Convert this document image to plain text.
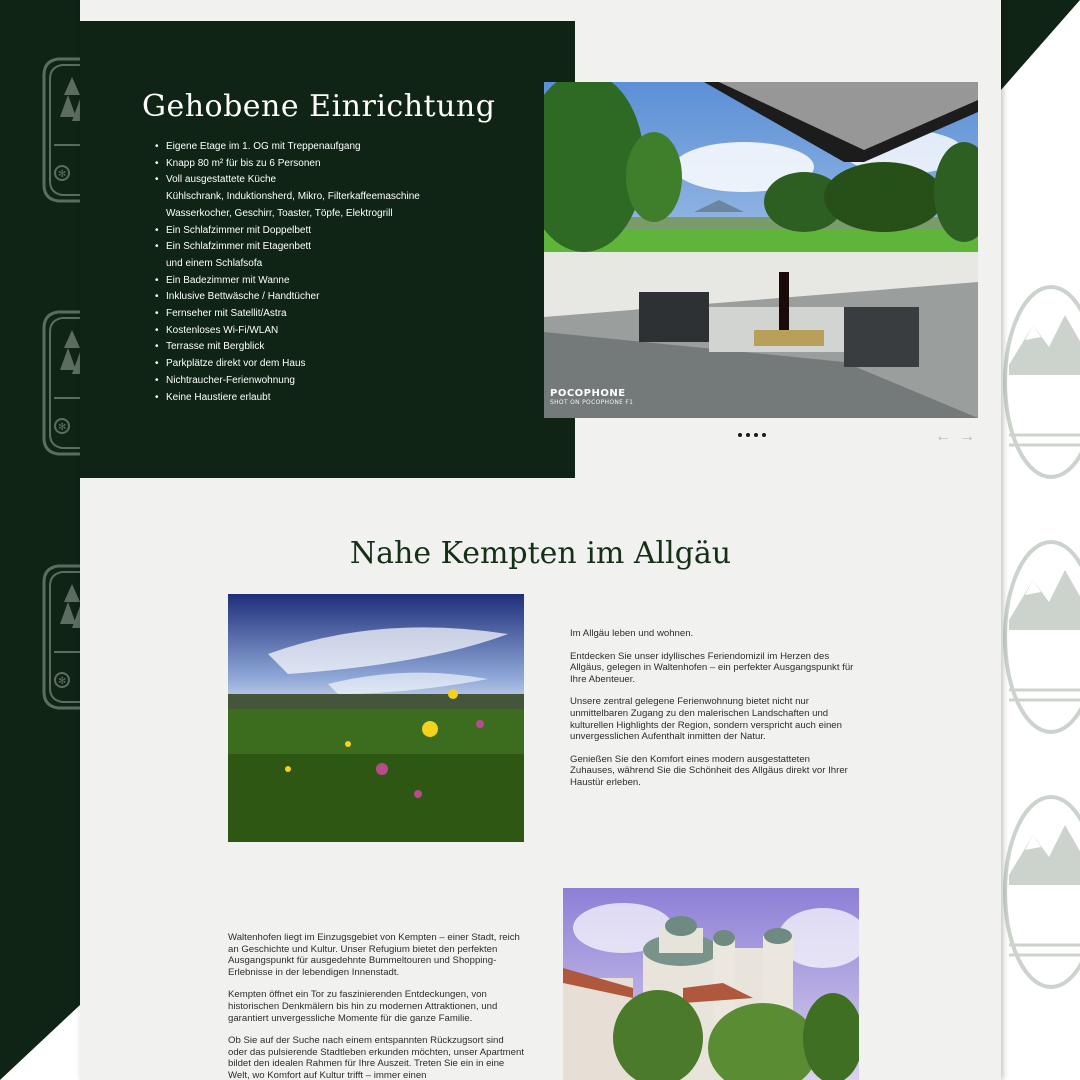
✻
✻
✻
Gehobene Einrichtung
• Eigene Etage im 1. OG mit Treppenaufgang
• Knapp 80 m² für bis zu 6 Personen
• Voll ausgestattete Küche
Kühlschrank, Induktionsherd, Mikro, Filterkaffeemaschine
Wasserkocher, Geschirr, Toaster, Töpfe, Elektrogrill
• Ein Schlafzimmer mit Doppelbett
• Ein Schlafzimmer mit Etagenbett
und einem Schlafsofa
• Ein Badezimmer mit Wanne
• Inklusive Bettwäsche / Handtücher
• Fernseher mit Satellit/Astra
• Kostenloses Wi-Fi/WLAN
• Terrasse mit Bergblick
• Parkplätze direkt vor dem Haus
• Nichtraucher-Ferienwohnung
• Keine Haustiere erlaubt	POCOPHONE
SHOT ON POCOPHONE F1
← →
Nahe Kempten im Allgäu

Im Allgäu leben und wohnen.

Entdecken Sie unser idyllisches Feriendomizil im Herzen des Allgäus, gelegen in Waltenhofen – ein perfekter Ausgangspunkt für Ihre Abenteuer.

Unsere zentral gelegene Ferienwohnung bietet nicht nur unmittelbaren Zugang zu den malerischen Landschaften und kulturellen Highlights der Region, sondern verspricht auch einen unvergesslichen Aufenthalt inmitten der Natur.

Genießen Sie den Komfort eines modern ausgestatteten Zuhauses, während Sie die Schönheit des Allgäus direkt vor Ihrer Haustür erleben.

Waltenhofen liegt im Einzugsgebiet von Kempten – einer Stadt, reich an Geschichte und Kultur. Unser Refugium bietet den perfekten Ausgangspunkt für ausgedehnte Bummeltouren und Shopping-Erlebnisse in der lebendigen Innenstadt.

Kempten öffnet ein Tor zu faszinierenden Entdeckungen, von historischen Denkmälern bis hin zu modernen Attraktionen, und garantiert unvergessliche Momente für die ganze Familie.

Ob Sie auf der Suche nach einem entspannten Rückzugsort sind oder das pulsierende Stadtleben erkunden möchten, unser Apartment bildet den idealen Rahmen für Ihre Auszeit. Treten Sie ein in eine Welt, wo Komfort auf Kultur trifft – immer einen
